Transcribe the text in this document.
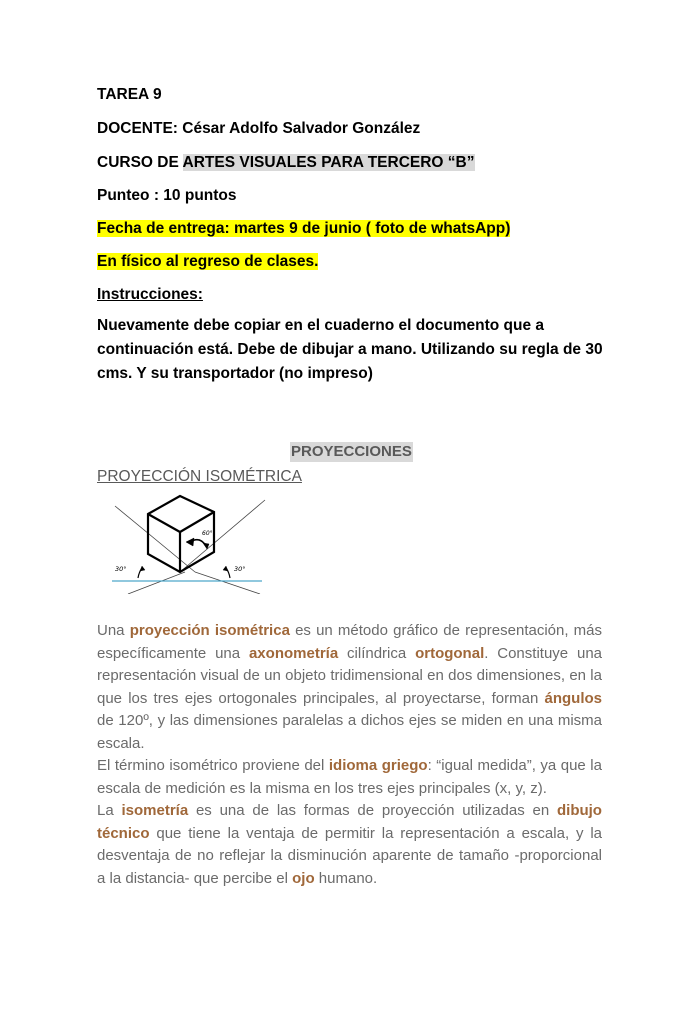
TAREA 9
DOCENTE: César Adolfo Salvador González
CURSO DE ARTES VISUALES PARA TERCERO “B”
Punteo : 10 puntos
Fecha de entrega: martes 9 de junio ( foto de whatsApp)
En físico al regreso de clases.
Instrucciones:
Nuevamente debe copiar en el cuaderno el documento que a continuación está. Debe de dibujar a mano. Utilizando su regla de 30 cms. Y su transportador (no impreso)
PROYECCIONES
PROYECCIÓN ISOMÉTRICA
30°	30°
60°

Una proyección isométrica es un método gráfico de representación, más específicamente una axonometría cilíndrica ortogonal. Constituye una representación visual de un objeto tridimensional en dos dimensiones, en la que los tres ejes ortogonales principales, al proyectarse, forman ángulos de 120º, y las dimensiones paralelas a dichos ejes se miden en una misma escala.

El término isométrico proviene del idioma griego: “igual medida”, ya que la escala de medición es la misma en los tres ejes principales (x, y, z).

La isometría es una de las formas de proyección utilizadas en dibujo técnico que tiene la ventaja de permitir la representación a escala, y la desventaja de no reflejar la disminución aparente de tamaño -proporcional a la distancia- que percibe el ojo humano.
